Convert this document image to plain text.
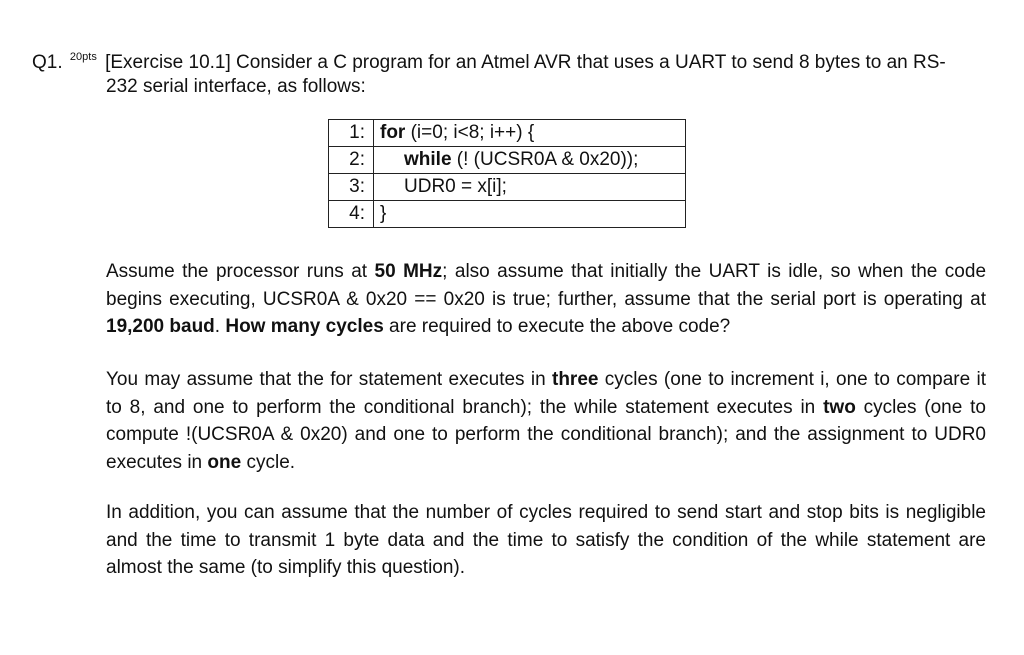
Q1. $^{20pts}$ [Exercise 10.1] Consider a C program for an Atmel AVR that uses a UART to send 8 bytes to an RS-
232 serial interface, as follows:
1:	for (i=0; i<8; i++) {
2:	while (! (UCSR0A & 0x20));
3:	UDR0 = x[i];
4:	}

Assume the processor runs at 50 MHz; also assume that initially the UART is idle, so when the code begins executing, UCSR0A & 0x20 == 0x20 is true; further, assume that the serial port is operating at 19,200 baud. How many cycles are required to execute the above code?

You may assume that the for statement executes in three cycles (one to increment i, one to compare it to 8, and one to perform the conditional branch); the while statement executes in two cycles (one to compute !(UCSR0A & 0x20) and one to perform the conditional branch); and the assignment to UDR0 executes in one cycle.

In addition, you can assume that the number of cycles required to send start and stop bits is negligible and the time to transmit 1 byte data and the time to satisfy the condition of the while statement are almost the same (to simplify this question).
